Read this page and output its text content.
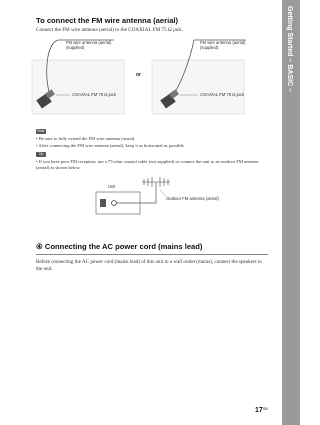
Getting Started – BASIC –
To connect the FM wire antenna (aerial)
Connect the FM wire antenna (aerial) to the COAXIAL FM 75 Ω jack.
FM wire antenna (aerial)
(supplied)
COAXIAL FM 75 Ω jack
or
FM wire antenna (aerial)
(supplied)
COAXIAL FM 75 Ω jack
Note
• Be sure to fully extend the FM wire antenna (aerial).
• After connecting the FM wire antenna (aerial), keep it as horizontal as possible.
Tip
• If you have poor FM reception, use a 75-ohm coaxial cable (not supplied) to connect the unit to an outdoor FM antenna (aerial) as shown below.
Unit
Outdoor FM antenna (aerial)
④ Connecting the AC power cord (mains lead)
Before connecting the AC power cord (mains lead) of this unit to a wall outlet (mains), connect the speakers to the unit.
$17^{GB}$
